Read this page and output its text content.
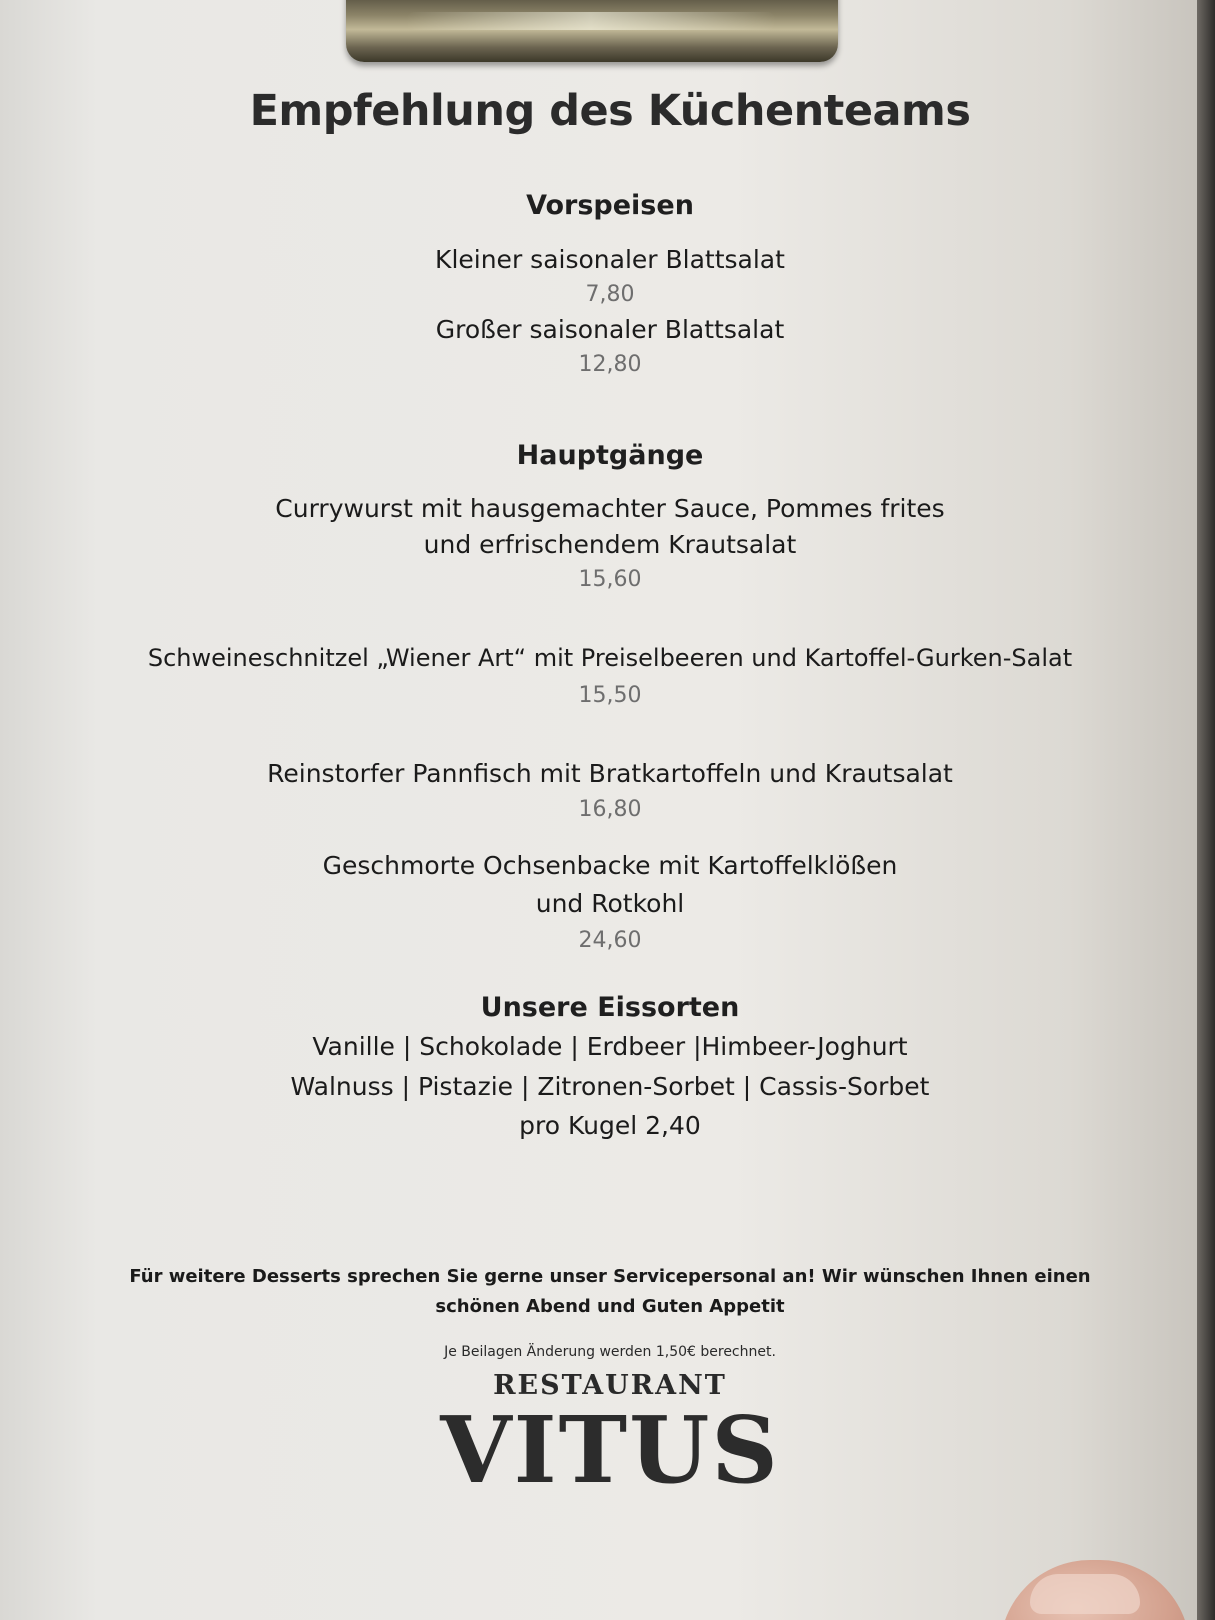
Empfehlung des Küchenteams
Vorspeisen
Kleiner saisonaler Blattsalat
7,80
Großer saisonaler Blattsalat
12,80
Hauptgänge
Currywurst mit hausgemachter Sauce, Pommes frites
und erfrischendem Krautsalat
15,60
Schweineschnitzel „Wiener Art“ mit Preiselbeeren und Kartoffel-Gurken-Salat
15,50
Reinstorfer Pannfisch mit Bratkartoffeln und Krautsalat
16,80
Geschmorte Ochsenbacke mit Kartoffelklößen
und Rotkohl
24,60
Unsere Eissorten
Vanille | Schokolade | Erdbeer |Himbeer-Joghurt
Walnuss | Pistazie | Zitronen-Sorbet | Cassis-Sorbet
pro Kugel 2,40
Für weitere Desserts sprechen Sie gerne unser Servicepersonal an! Wir wünschen Ihnen einen
schönen Abend und Guten Appetit
Je Beilagen Änderung werden 1,50€ berechnet.
RESTAURANT
VITUS
